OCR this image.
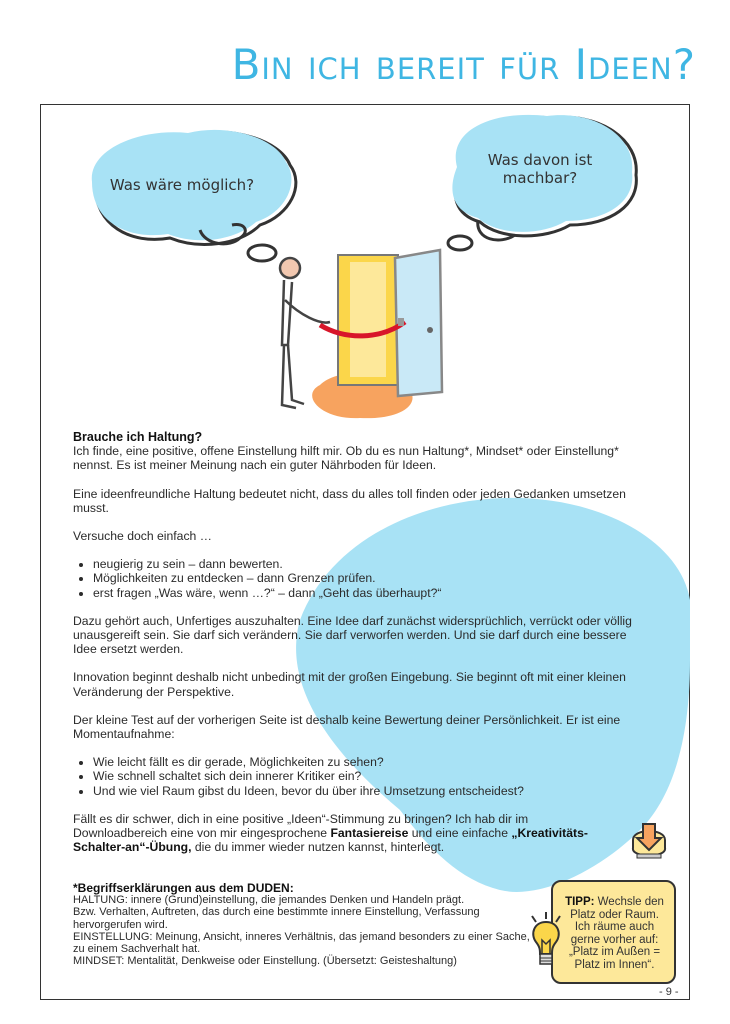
Bin ich bereit für Ideen?
Was wäre möglich?
Was davon ist
machbar?
Brauche ich Haltung?

Ich finde, eine positive, offene Einstellung hilft mir. Ob du es nun Haltung*, Mindset* oder Einstellung* nennst. Es ist meiner Meinung nach ein guter Nährboden für Ideen.

Eine ideenfreundliche Haltung bedeutet nicht, dass du alles toll finden oder jeden Gedanken umsetzen musst.

Versuche doch einfach …

• neugierig zu sein – dann bewerten.
• Möglichkeiten zu entdecken – dann Grenzen prüfen.
• erst fragen „Was wäre, wenn …?“ – dann „Geht das überhaupt?“

Dazu gehört auch, Unfertiges auszuhalten. Eine Idee darf zunächst widersprüchlich, verrückt oder völlig unausgereift sein. Sie darf sich verändern. Sie darf verworfen werden. Und sie darf durch eine bessere Idee ersetzt werden.

Innovation beginnt deshalb nicht unbedingt mit der großen Eingebung. Sie beginnt oft mit einer kleinen Veränderung der Perspektive.

Der kleine Test auf der vorherigen Seite ist deshalb keine Bewertung deiner Persönlichkeit. Er ist eine Momentaufnahme:

• Wie leicht fällt es dir gerade, Möglichkeiten zu sehen?
• Wie schnell schaltet sich dein innerer Kritiker ein?
• Und wie viel Raum gibst du Ideen, bevor du über ihre Umsetzung entscheidest?

Fällt es dir schwer, dich in eine positive „Ideen“-Stimmung zu bringen? Ich hab dir im Downloadbereich eine von mir eingesprochene Fantasiereise und eine einfache „Kreativitäts-Schalter-an“-Übung, die du immer wieder nutzen kannst, hinterlegt.

*Begriffserklärungen aus dem DUDEN:
HALTUNG: innere (Grund)einstellung, die jemandes Denken und Handeln prägt.
Bzw. Verhalten, Auftreten, das durch eine bestimmte innere Einstellung, Verfassung hervorgerufen wird.
EINSTELLUNG: Meinung, Ansicht, inneres Verhältnis, das jemand besonders zu einer Sache, zu einem Sachverhalt hat.
MINDSET: Mentalität, Denkweise oder Einstellung. (Übersetzt: Geisteshaltung)
TIPP: Wechsle den Platz oder Raum. Ich räume auch gerne vorher auf: „Platz im Außen = Platz im Innen“.
- 9 -
